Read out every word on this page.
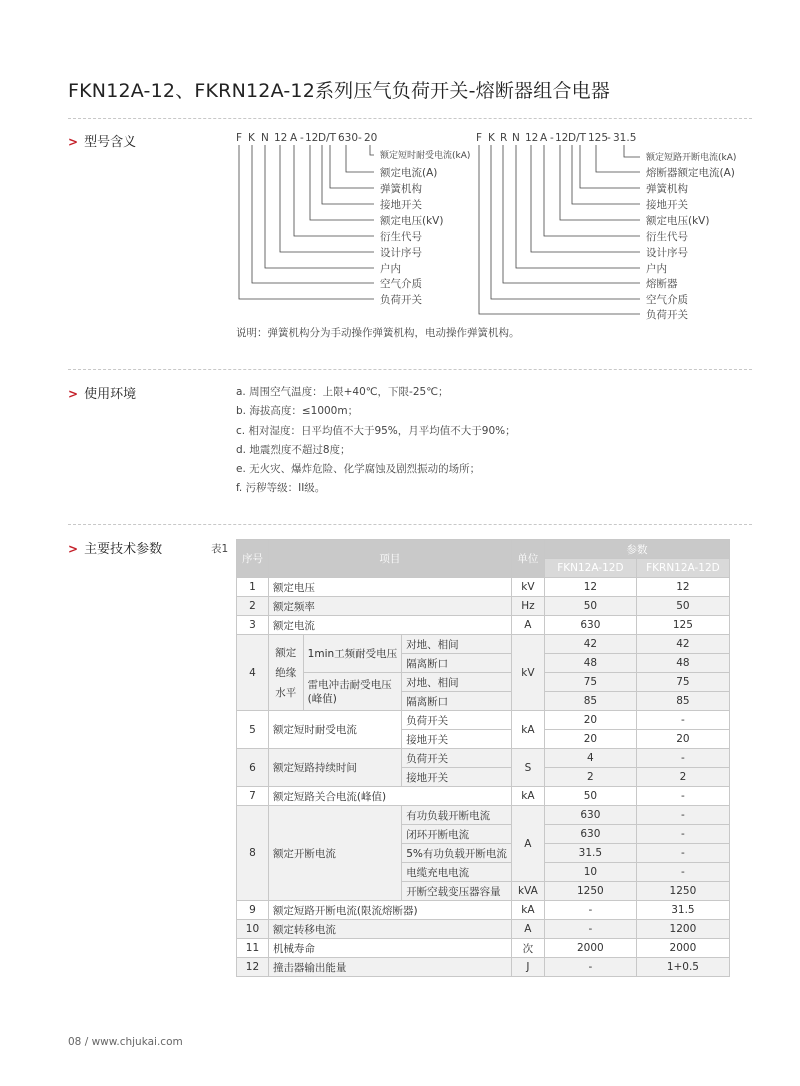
FKN12A-12、FKRN12A-12系列压气负荷开关-熔断器组合电器
> 型号含义	F K N 12 A - 12 D/T 630 - 20
额定短时耐受电流(kA)
额定电流(A)
弹簧机构
接地开关
额定电压(kV)
衍生代号
设计序号
户内
空气介质
负荷开关
F K R N 12 A - 12 D/T 125
- 31.5
额定短路开断电流(kA)
熔断器额定电流(A)
弹簧机构
接地开关
额定电压(kV)
衍生代号
设计序号
户内
熔断器
空气介质
负荷开关
说明：弹簧机构分为手动操作弹簧机构，电动操作弹簧机构。
> 使用环境	a. 周围空气温度：上限+40℃，下限-25℃；
b. 海拔高度：≤1000m；
c. 相对湿度：日平均值不大于95%，月平均值不大于90%；
d. 地震烈度不超过8度；
e. 无火灾、爆炸危险、化学腐蚀及剧烈振动的场所；
f. 污秽等级：II级。
> 主要技术参数	表1
序号	项目			单位	参数	
					FKN12A-12D	FKRN12A-12D
1	额定电压			kV	12	12
2	额定频率			Hz	50	50
3	额定电流			A	630	125
4	额定
绝缘
水平	1min工频耐受电压	对地、相间	kV	42	42
			隔离断口		48	48

		雷电冲击耐受电压
(峰值)	对地、相间		75	75
			隔离断口		85	85
5	额定短时耐受电流		负荷开关	kA	20	-
			接地开关		20	20
6	额定短路持续时间		负荷开关	S	4	-
			接地开关		2	2
7	额定短路关合电流(峰值)			kA	50	-
8	额定开断电流		有功负载开断电流	A	630	-
			闭环开断电流		630	-
			5%有功负载开断电流		31.5	-
			电缆充电电流		10	-
			开断空载变压器容量	kVA	1250	1250
9	额定短路开断电流(限流熔断器)			kA	-	31.5
10	额定转移电流			A	-	1200
11	机械寿命			次	2000	2000
12	撞击器输出能量			J	-	1+0.5
08 / www.chjukai.com
